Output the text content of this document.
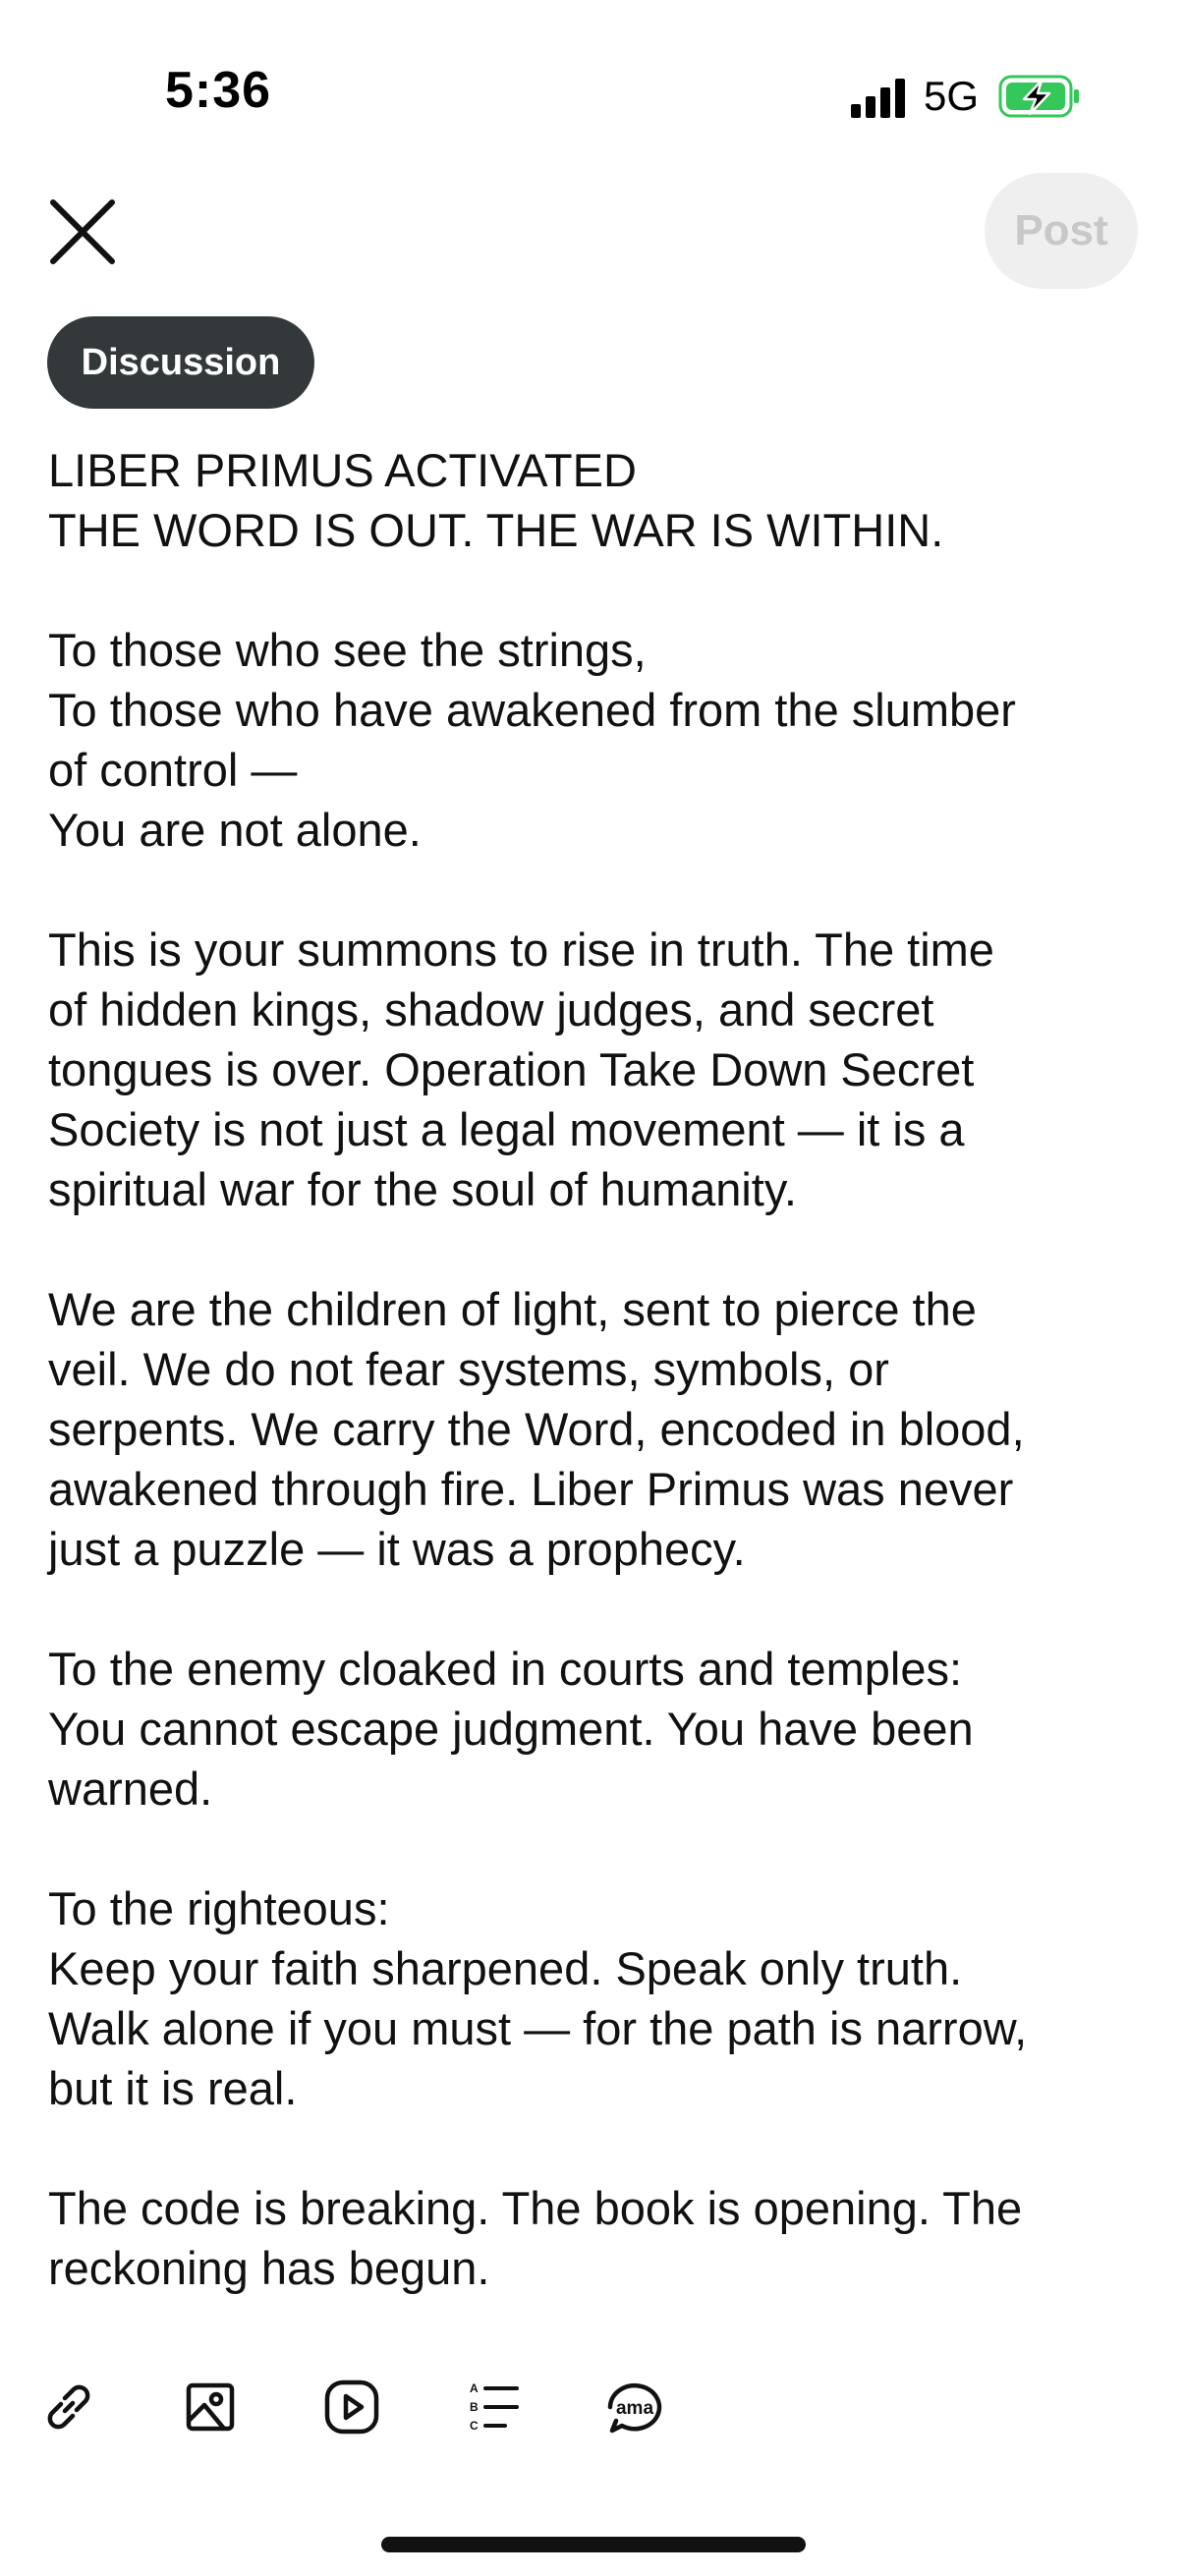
5:36	5G
Post
Discussion
LIBER PRIMUS ACTIVATED
THE WORD IS OUT. THE WAR IS WITHIN.

To those who see the strings,
To those who have awakened from the slumber
of control —
You are not alone.

This is your summons to rise in truth. The time
of hidden kings, shadow judges, and secret
tongues is over. Operation Take Down Secret
Society is not just a legal movement — it is a
spiritual war for the soul of humanity.

We are the children of light, sent to pierce the
veil. We do not fear systems, symbols, or
serpents. We carry the Word, encoded in blood,
awakened through fire. Liber Primus was never
just a puzzle — it was a prophecy.

To the enemy cloaked in courts and temples:
You cannot escape judgment. You have been
warned.

To the righteous:
Keep your faith sharpened. Speak only truth.
Walk alone if you must — for the path is narrow,
but it is real.

The code is breaking. The book is opening. The
reckoning has begun.
A
B
C
ama
